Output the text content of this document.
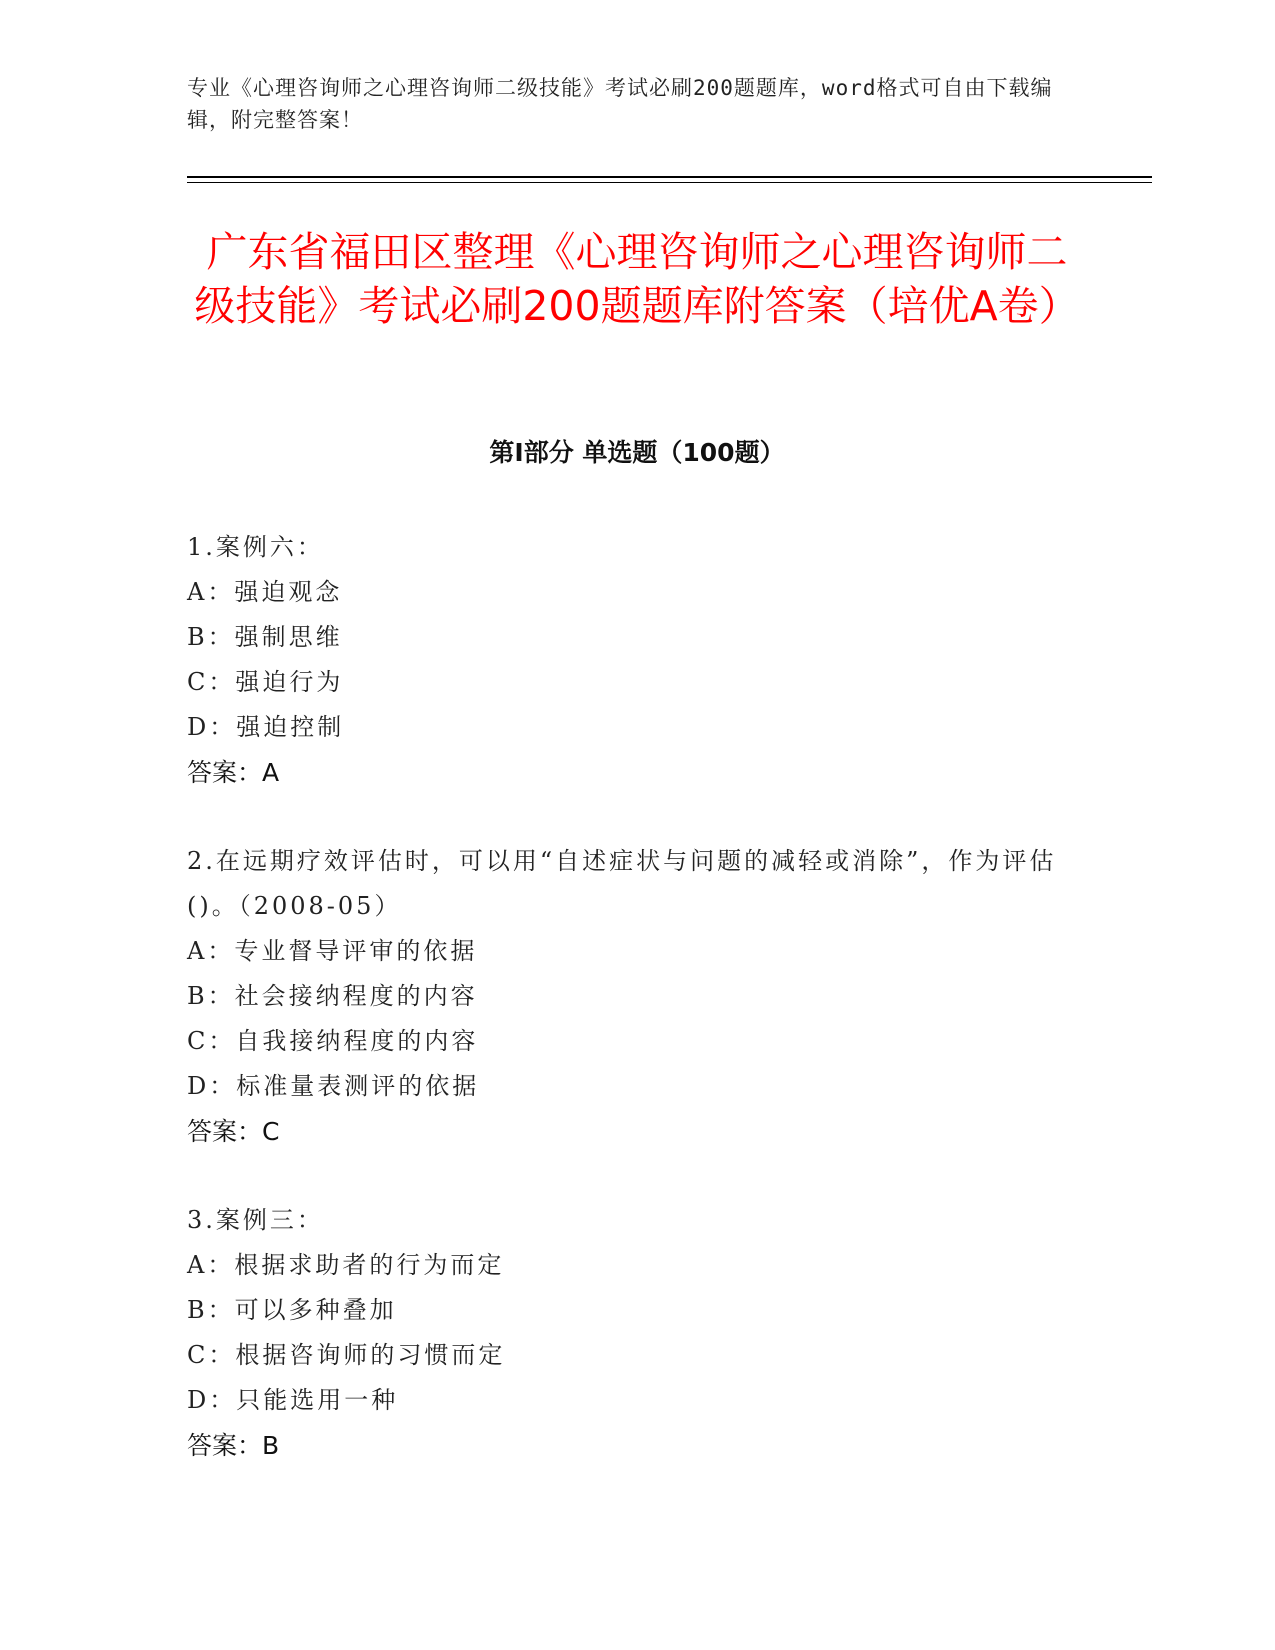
专业《心理咨询师之心理咨询师二级技能》考试必刷200题题库，word格式可自由下载编辑，附完整答案！
广东省福田区整理《心理咨询师之心理咨询师二级技能》考试必刷200题题库附答案（培优A卷）
第Ⅰ部分 单选题（100题）
1.案例六：
A：强迫观念
B：强制思维
C：强迫行为
D：强迫控制
答案：A
2.在远期疗效评估时，可以用“自述症状与问题的减轻或消除”，作为评估()。（2008-05）
A：专业督导评审的依据
B：社会接纳程度的内容
C：自我接纳程度的内容
D：标准量表测评的依据
答案：C
3.案例三：
A：根据求助者的行为而定
B：可以多种叠加
C：根据咨询师的习惯而定
D：只能选用一种
答案：B
